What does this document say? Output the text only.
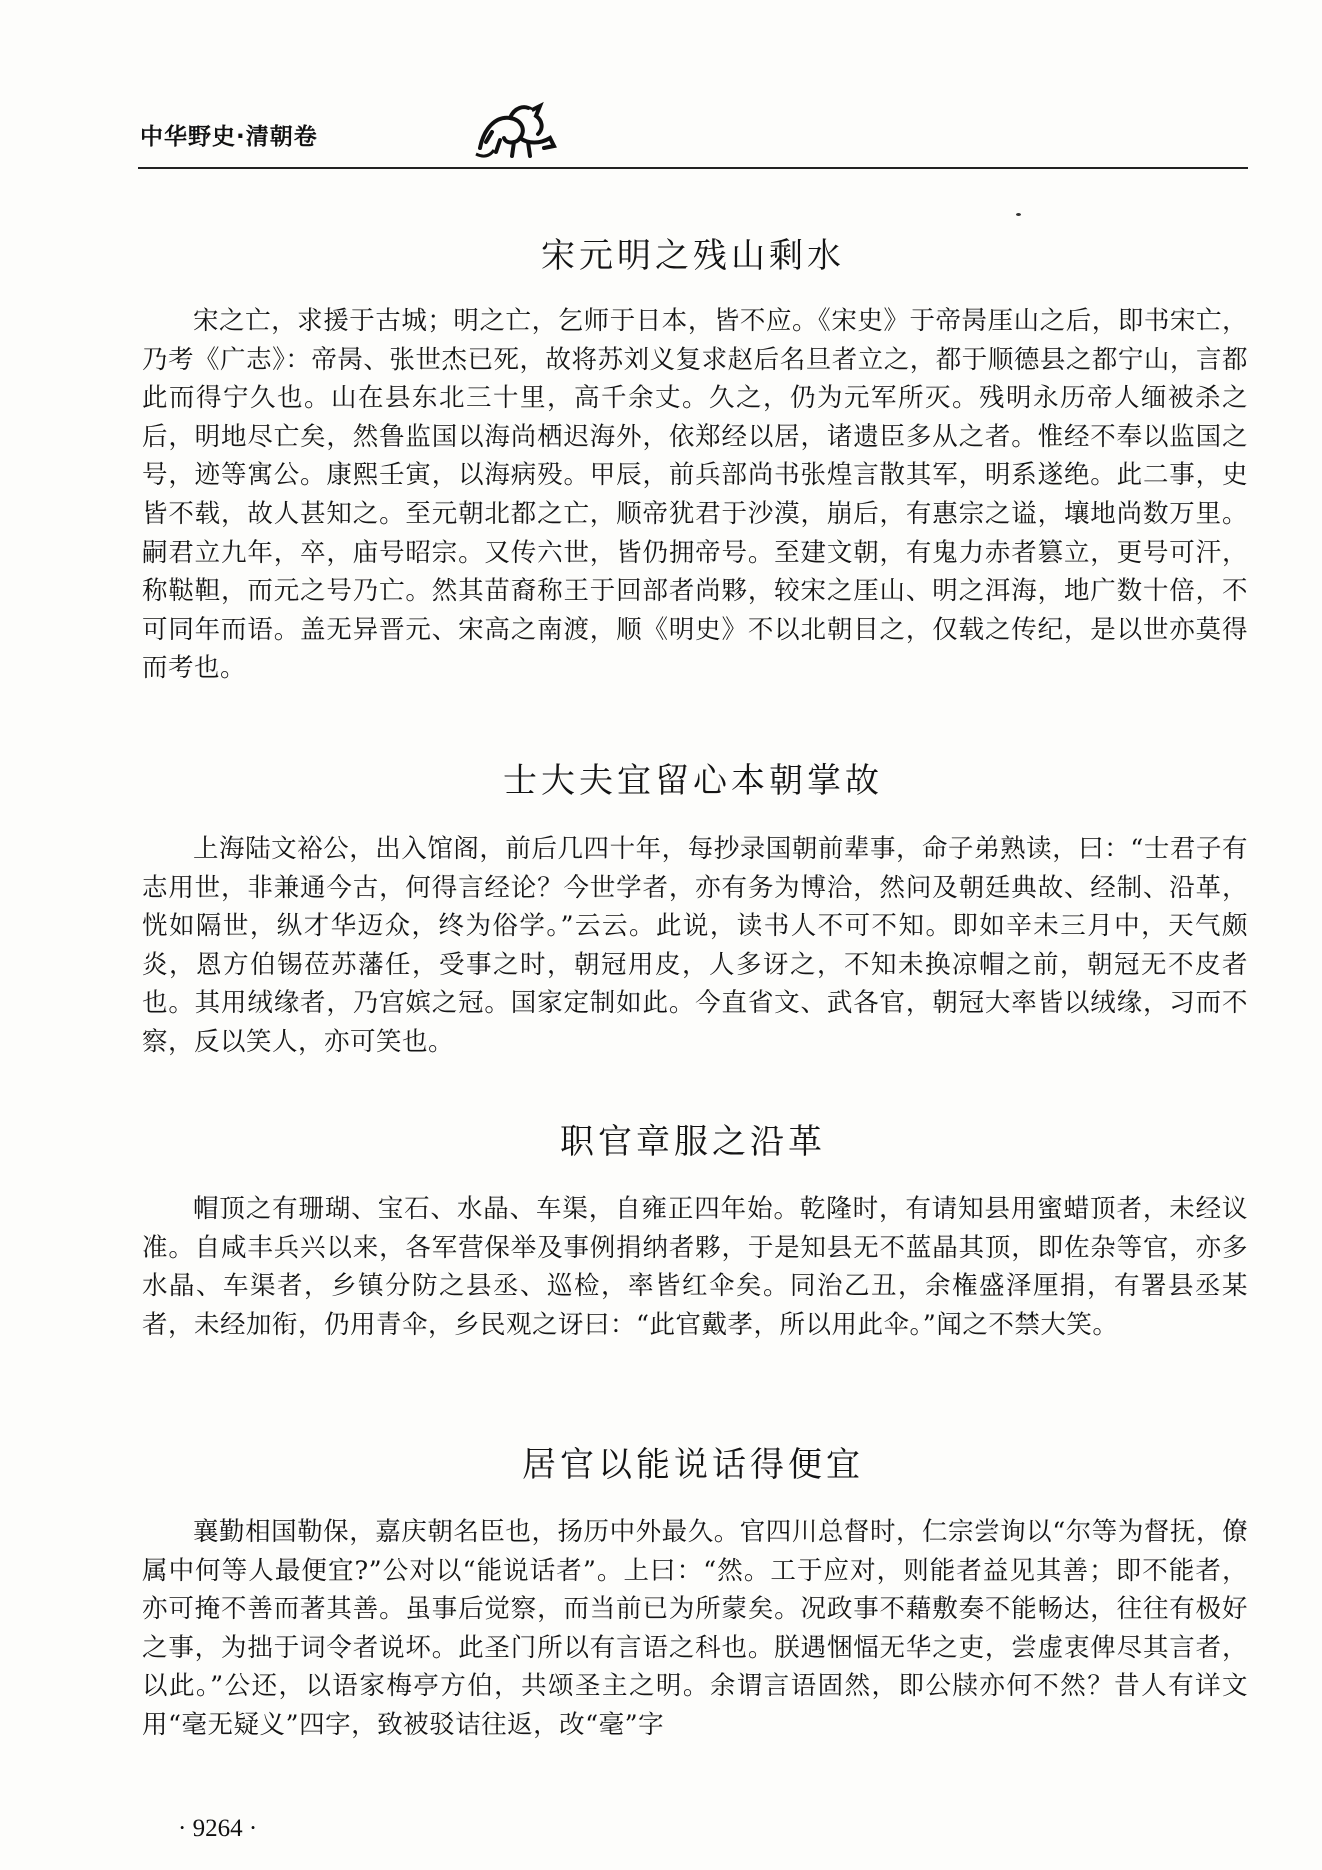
中华野史·清朝卷
宋元明之残山剩水

宋之亡，求援于古城；明之亡，乞师于日本，皆不应。《宋史》于帝昺厓山之后，即书宋亡，乃考《广志》：帝昺、张世杰已死，故将苏刘义复求赵后名旦者立之，都于顺德县之都宁山，言都此而得宁久也。山在县东北三十里，高千余丈。久之，仍为元军所灭。残明永历帝人缅被杀之后，明地尽亡矣，然鲁监国以海尚栖迟海外，依郑经以居，诸遗臣多从之者。惟经不奉以监国之号，迹等寓公。康熙壬寅，以海病殁。甲辰，前兵部尚书张煌言散其军，明系遂绝。此二事，史皆不载，故人甚知之。至元朝北都之亡，顺帝犹君于沙漠，崩后，有惠宗之谥，壤地尚数万里。嗣君立九年，卒，庙号昭宗。又传六世，皆仍拥帝号。至建文朝，有鬼力赤者篡立，更号可汗，称鞑靼，而元之号乃亡。然其苗裔称王于回部者尚夥，较宋之厓山、明之洱海，地广数十倍，不可同年而语。盖无异晋元、宋高之南渡，顺《明史》不以北朝目之，仅载之传纪，是以世亦莫得而考也。

士大夫宜留心本朝掌故

上海陆文裕公，出入馆阁，前后几四十年，每抄录国朝前辈事，命子弟熟读，曰：“士君子有志用世，非兼通今古，何得言经论？今世学者，亦有务为博洽，然问及朝廷典故、经制、沿革，恍如隔世，纵才华迈众，终为俗学。”云云。此说，读书人不可不知。即如辛未三月中，天气颇炎，恩方伯锡莅苏藩任，受事之时，朝冠用皮，人多讶之，不知未换凉帽之前，朝冠无不皮者也。其用绒缘者，乃宫嫔之冠。国家定制如此。今直省文、武各官，朝冠大率皆以绒缘，习而不察，反以笑人，亦可笑也。

职官章服之沿革

帽顶之有珊瑚、宝石、水晶、车渠，自雍正四年始。乾隆时，有请知县用蜜蜡顶者，未经议准。自咸丰兵兴以来，各军营保举及事例捐纳者夥，于是知县无不蓝晶其顶，即佐杂等官，亦多水晶、车渠者，乡镇分防之县丞、巡检，率皆红伞矣。同治乙丑，余権盛泽厘捐，有署县丞某者，未经加衔，仍用青伞，乡民观之讶曰：“此官戴孝，所以用此伞。”闻之不禁大笑。

居官以能说话得便宜

襄勤相国勒保，嘉庆朝名臣也，扬历中外最久。官四川总督时，仁宗尝询以“尔等为督抚，僚属中何等人最便宜?”公对以“能说话者”。上曰：“然。工于应对，则能者益见其善；即不能者，亦可掩不善而著其善。虽事后觉察，而当前已为所蒙矣。况政事不藉敷奏不能畅达，往往有极好之事，为拙于词令者说坏。此圣门所以有言语之科也。朕遇悃愊无华之吏，尝虚衷俾尽其言者，以此。”公还，以语家梅亭方伯，共颂圣主之明。余谓言语固然，即公牍亦何不然？昔人有详文用“毫无疑义”四字，致被驳诘往返，改“毫”字

· 9264 ·
